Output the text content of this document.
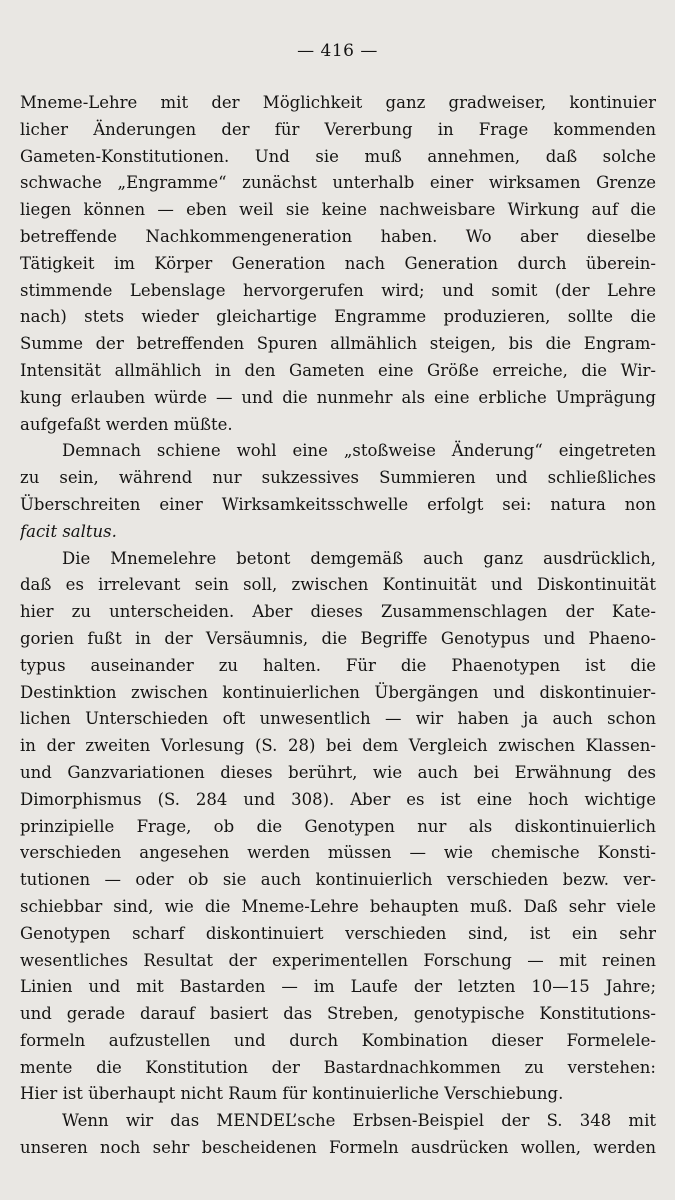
— 416 —
Mneme-Lehre mit der Möglichkeit ganz gradweiser, kontinuier
licher Änderungen der für Vererbung in Frage kommenden
Gameten-Konstitutionen. Und sie muß annehmen, daß solche
schwache „Engramme“ zunächst unterhalb einer wirksamen Grenze
liegen können — eben weil sie keine nachweisbare Wirkung auf die
betreffende Nachkommengeneration haben. Wo aber dieselbe
Tätigkeit im Körper Generation nach Generation durch überein-
stimmende Lebenslage hervorgerufen wird; und somit (der Lehre
nach) stets wieder gleichartige Engramme produzieren, sollte die
Summe der betreffenden Spuren allmählich steigen, bis die Engram-
Intensität allmählich in den Gameten eine Größe erreiche, die Wir-
kung erlauben würde — und die nunmehr als eine erbliche Umprägung
aufgefaßt werden müßte.
Demnach schiene wohl eine „stoßweise Änderung“ eingetreten
zu sein, während nur sukzessives Summieren und schließliches
Überschreiten einer Wirksamkeitsschwelle erfolgt sei: natura non
facit saltus.
Die Mnemelehre betont demgemäß auch ganz ausdrücklich,
daß es irrelevant sein soll, zwischen Kontinuität und Diskontinuität
hier zu unterscheiden. Aber dieses Zusammenschlagen der Kate-
gorien fußt in der Versäumnis, die Begriffe Genotypus und Phaeno-
typus auseinander zu halten. Für die Phaenotypen ist die
Destinktion zwischen kontinuierlichen Übergängen und diskontinuier-
lichen Unterschieden oft unwesentlich — wir haben ja auch schon
in der zweiten Vorlesung (S. 28) bei dem Vergleich zwischen Klassen-
und Ganzvariationen dieses berührt, wie auch bei Erwähnung des
Dimorphismus (S. 284 und 308). Aber es ist eine hoch wichtige
prinzipielle Frage, ob die Genotypen nur als diskontinuierlich
verschieden angesehen werden müssen — wie chemische Konsti-
tutionen — oder ob sie auch kontinuierlich verschieden bezw. ver-
schiebbar sind, wie die Mneme-Lehre behaupten muß. Daß sehr viele
Genotypen scharf diskontinuiert verschieden sind, ist ein sehr
wesentliches Resultat der experimentellen Forschung — mit reinen
Linien und mit Bastarden — im Laufe der letzten 10—15 Jahre;
und gerade darauf basiert das Streben, genotypische Konstitutions-
formeln aufzustellen und durch Kombination dieser Formelele-
mente die Konstitution der Bastardnachkommen zu verstehen:
Hier ist überhaupt nicht Raum für kontinuierliche Verschiebung.
Wenn wir das MENDEL’sche Erbsen-Beispiel der S. 348 mit
unseren noch sehr bescheidenen Formeln ausdrücken wollen, werden
